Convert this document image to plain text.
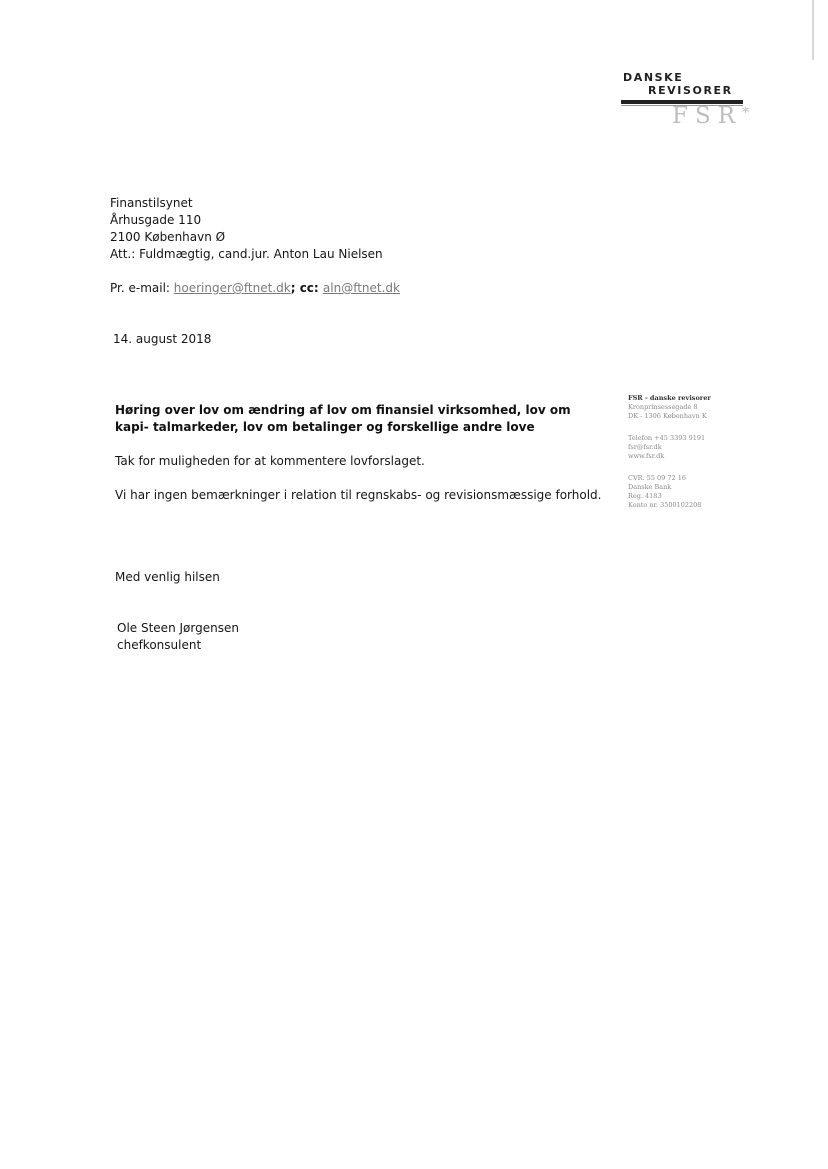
DANSKE
REVISORER
FSR*
Finanstilsynet
Århusgade 110
2100 København Ø
Att.: Fuldmægtig, cand.jur. Anton Lau Nielsen
Pr. e-mail: hoeringer@ftnet.dk; cc: aln@ftnet.dk
14. august 2018
Høring over lov om ændring af lov om finansiel virksomhed, lov om kapi- talmarkeder, lov om betalinger og forskellige andre love
Tak for muligheden for at kommentere lovforslaget.
Vi har ingen bemærkninger i relation til regnskabs- og revisionsmæssige forhold.
Med venlig hilsen
Ole Steen Jørgensen
chefkonsulent
FSR - danske revisorer
Kronprinsessegade 8
DK - 1306 København K
Telefon +45 3393 9191
fsr@fsr.dk
www.fsr.dk
CVR. 55 09 72 16
Danske Bank
Reg. 4183
Konto nr. 3500102208
